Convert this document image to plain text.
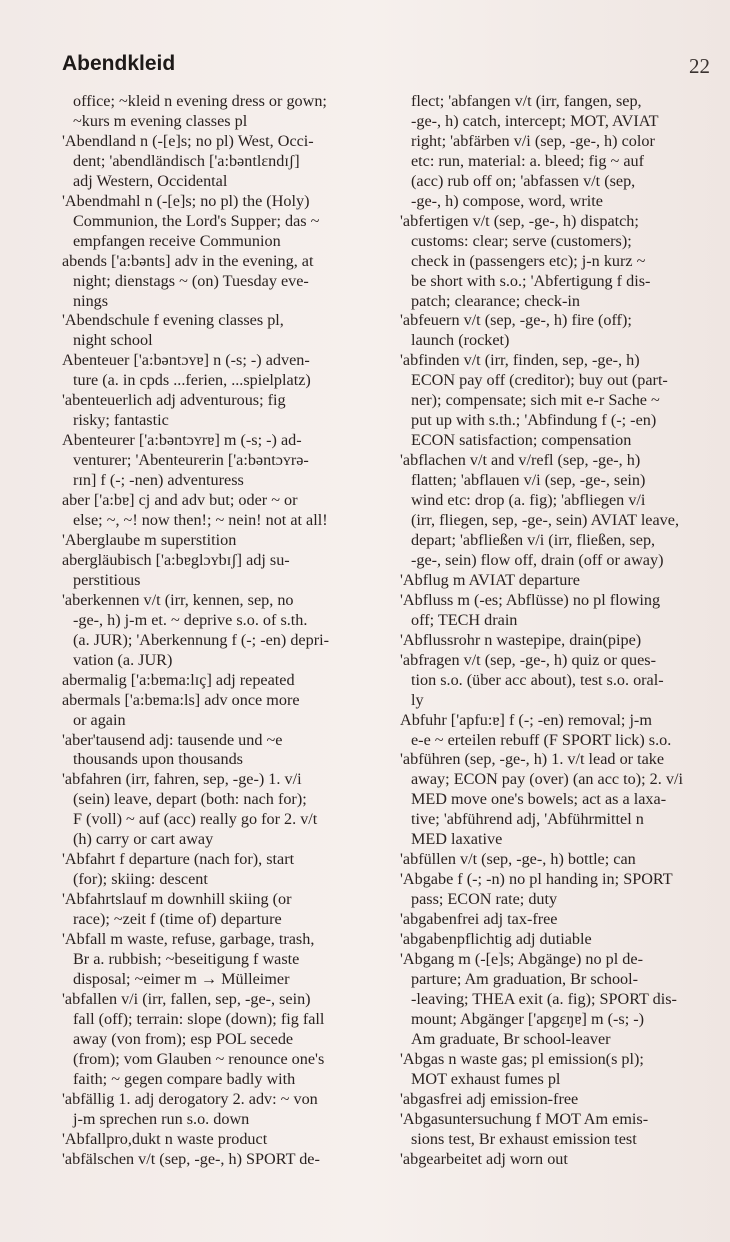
Abendkleid	22
office; ~kleid n evening dress or gown;
~kurs m evening classes pl
'Abendland n (-[e]s; no pl) West, Occi-
dent; 'abendländisch ['a:bəntlɛndɪʃ]
adj Western, Occidental
'Abendmahl n (-[e]s; no pl) the (Holy)
Communion, the Lord's Supper; das ~
empfangen receive Communion
abends ['a:bənts] adv in the evening, at
night; dienstags ~ (on) Tuesday eve-
nings
'Abendschule f evening classes pl,
night school
Abenteuer ['a:bəntɔʏɐ] n (-s; -) adven-
ture (a. in cpds ...ferien, ...spielplatz)
'abenteuerlich adj adventurous; fig
risky; fantastic
Abenteurer ['a:bəntɔʏrɐ] m (-s; -) ad-
venturer; 'Abenteurerin ['a:bəntɔʏrə-
rɪn] f (-; -nen) adventuress
aber ['a:bɐ] cj and adv but; oder ~ or
else; ~, ~! now then!; ~ nein! not at all!
'Aberglaube m superstition
abergläubisch ['a:bɐglɔʏbɪʃ] adj su-
perstitious
'aberkennen v/t (irr, kennen, sep, no
-ge-, h) j-m et. ~ deprive s.o. of s.th.
(a. JUR); 'Aberkennung f (-; -en) depri-
vation (a. JUR)
abermalig ['a:bɐma:lɪç] adj repeated
abermals ['a:bɐma:ls] adv once more
or again
'aber'tausend adj: tausende und ~e
thousands upon thousands
'abfahren (irr, fahren, sep, -ge-) 1. v/i
(sein) leave, depart (both: nach for);
F (voll) ~ auf (acc) really go for 2. v/t
(h) carry or cart away
'Abfahrt f departure (nach for), start
(for); skiing: descent
'Abfahrtslauf m downhill skiing (or
race); ~zeit f (time of) departure
'Abfall m waste, refuse, garbage, trash,
Br a. rubbish; ~beseitigung f waste
disposal; ~eimer m → Mülleimer
'abfallen v/i (irr, fallen, sep, -ge-, sein)
fall (off); terrain: slope (down); fig fall
away (von from); esp POL secede
(from); vom Glauben ~ renounce one's
faith; ~ gegen compare badly with
'abfällig 1. adj derogatory 2. adv: ~ von
j-m sprechen run s.o. down
'Abfallpro,dukt n waste product
'abfälschen v/t (sep, -ge-, h) SPORT de-
flect; 'abfangen v/t (irr, fangen, sep,
-ge-, h) catch, intercept; MOT, AVIAT
right; 'abfärben v/i (sep, -ge-, h) color
etc: run, material: a. bleed; fig ~ auf
(acc) rub off on; 'abfassen v/t (sep,
-ge-, h) compose, word, write
'abfertigen v/t (sep, -ge-, h) dispatch;
customs: clear; serve (customers);
check in (passengers etc); j-n kurz ~
be short with s.o.; 'Abfertigung f dis-
patch; clearance; check-in
'abfeuern v/t (sep, -ge-, h) fire (off);
launch (rocket)
'abfinden v/t (irr, finden, sep, -ge-, h)
ECON pay off (creditor); buy out (part-
ner); compensate; sich mit e-r Sache ~
put up with s.th.; 'Abfindung f (-; -en)
ECON satisfaction; compensation
'abflachen v/t and v/refl (sep, -ge-, h)
flatten; 'abflauen v/i (sep, -ge-, sein)
wind etc: drop (a. fig); 'abfliegen v/i
(irr, fliegen, sep, -ge-, sein) AVIAT leave,
depart; 'abfließen v/i (irr, fließen, sep,
-ge-, sein) flow off, drain (off or away)
'Abflug m AVIAT departure
'Abfluss m (-es; Abflüsse) no pl flowing
off; TECH drain
'Abflussrohr n wastepipe, drain(pipe)
'abfragen v/t (sep, -ge-, h) quiz or ques-
tion s.o. (über acc about), test s.o. oral-
ly
Abfuhr ['apfu:ɐ] f (-; -en) removal; j-m
e-e ~ erteilen rebuff (F SPORT lick) s.o.
'abführen (sep, -ge-, h) 1. v/t lead or take
away; ECON pay (over) (an acc to); 2. v/i
MED move one's bowels; act as a laxa-
tive; 'abführend adj, 'Abführmittel n
MED laxative
'abfüllen v/t (sep, -ge-, h) bottle; can
'Abgabe f (-; -n) no pl handing in; SPORT
pass; ECON rate; duty
'abgabenfrei adj tax-free
'abgabenpflichtig adj dutiable
'Abgang m (-[e]s; Abgänge) no pl de-
parture; Am graduation, Br school-
-leaving; THEA exit (a. fig); SPORT dis-
mount; Abgänger ['apgɛŋɐ] m (-s; -)
Am graduate, Br school-leaver
'Abgas n waste gas; pl emission(s pl);
MOT exhaust fumes pl
'abgasfrei adj emission-free
'Abgasuntersuchung f MOT Am emis-
sions test, Br exhaust emission test
'abgearbeitet adj worn out
